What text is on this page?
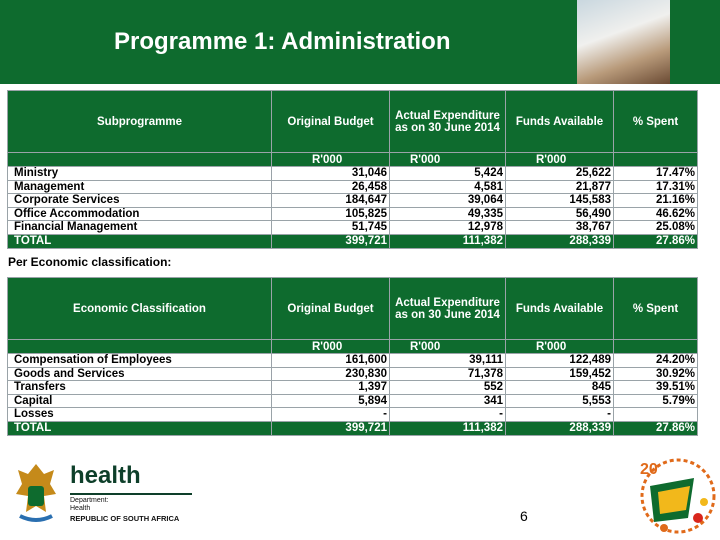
Programme 1: Administration
Subprogramme	Original Budget	Actual Expenditure as on 30 June 2014	Funds Available	% Spent
	R'000	R'000	R'000	
Ministry	31,046	5,424	25,622	17.47%
Management	26,458	4,581	21,877	17.31%
Corporate Services	184,647	39,064	145,583	21.16%
Office Accommodation	105,825	49,335	56,490	46.62%
Financial Management	51,745	12,978	38,767	25.08%
TOTAL	399,721	111,382	288,339	27.86%
Per Economic classification:
Economic Classification	Original Budget	Actual Expenditure as on 30 June 2014	Funds Available	% Spent
	R'000	R'000	R'000	
Compensation of Employees	161,600	39,111	122,489	24.20%
Goods and Services	230,830	71,378	159,452	30.92%
Transfers	1,397	552	845	39.51%
Capital	5,894	341	5,553	5.79%
Losses	-	-	-	
TOTAL	399,721	111,382	288,339	27.86%
health
Department:
Health
REPUBLIC OF SOUTH AFRICA	6
20
